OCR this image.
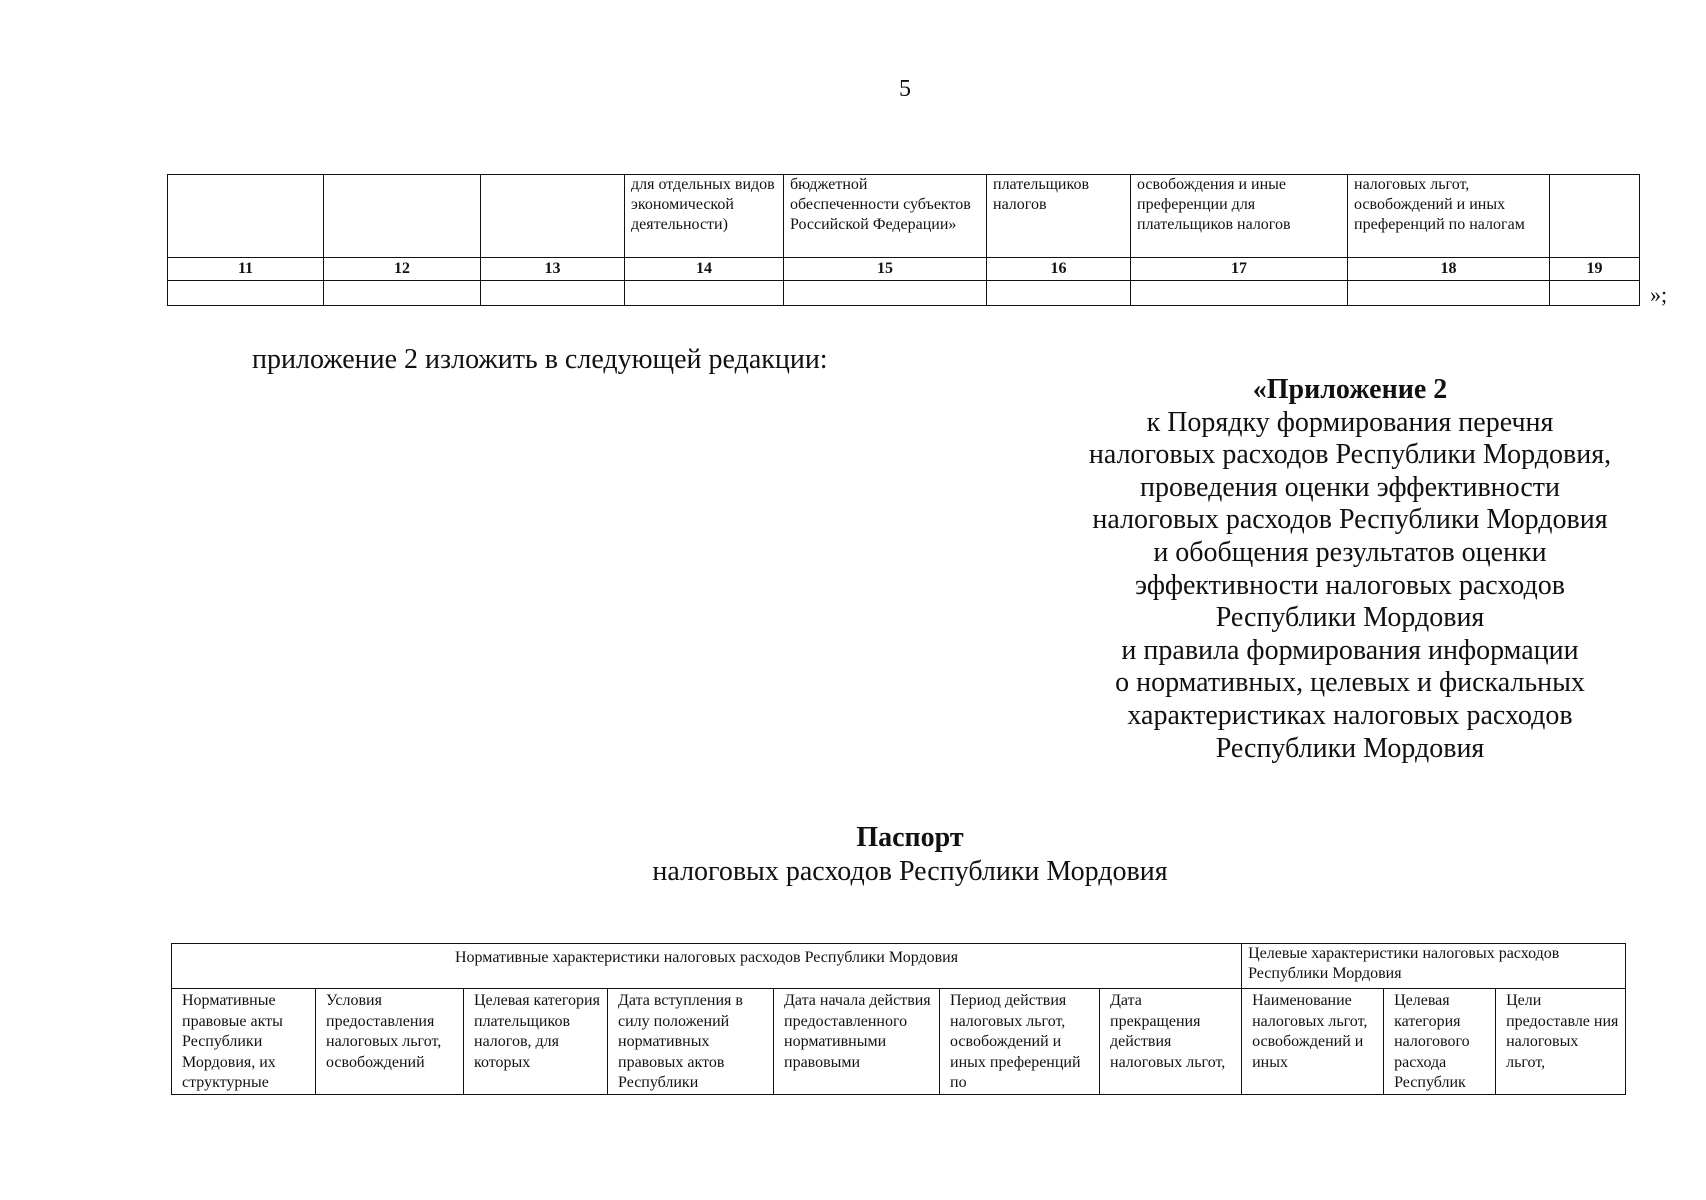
5

			для отдельных видов экономической деятельности)	бюджетной обеспеченности субъектов Российской Федерации»	плательщиков налогов	освобождения и иные преференции для плательщиков налогов	налоговых льгот, освобождений и иных преференций по налогам	

11	12	13	14	15	16	17	18	19

»;
приложение 2 изложить в следующей редакции:
«Приложение 2
к Порядку формирования перечня
налоговых расходов Республики Мордовия,
проведения оценки эффективности
налоговых расходов Республики Мордовия
и обобщения результатов оценки
эффективности налоговых расходов
Республики Мордовия
и правила формирования информации
о нормативных, целевых и фискальных
характеристиках налоговых расходов
Республики Мордовия
Паспорт
налоговых расходов Республики Мордовия
Нормативные характеристики налоговых расходов Республики Мордовия							Целевые характеристики налоговых расходов Республики Мордовия		

Нормативные правовые акты Республики Мордовия, их структурные	Условия предоставления налоговых льгот, освобождений	Целевая категория плательщиков налогов, для которых	Дата вступления в силу положений нормативных правовых актов Республики	Дата начала действия предоставленного нормативными правовыми	Период действия налоговых льгот, освобождений и иных преференций по	Дата прекращения действия налоговых льгот,	Наименование налоговых льгот, освобождений и иных	Целевая категория налогового расхода Республик	Цели предоставле ния налоговых льгот,
